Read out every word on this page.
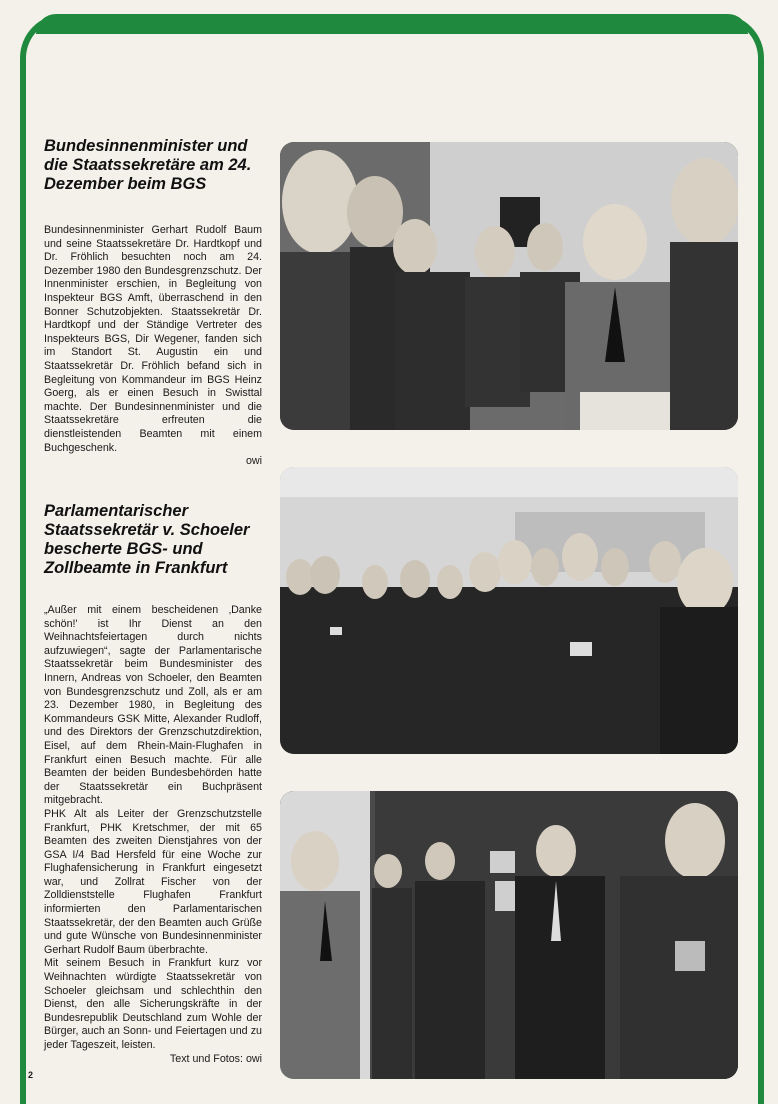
Bundesinnenminister und die Staatssekretäre am 24. Dezember beim BGS

Bundesinnenminister Gerhart Rudolf Baum und seine Staatssekretäre Dr. Hardtkopf und Dr. Fröhlich besuchten noch am 24. Dezember 1980 den Bundesgrenzschutz. Der Innenminister erschien, in Begleitung von Inspekteur BGS Amft, überraschend in den Bonner Schutzobjekten. Staatssekretär Dr. Hardtkopf und der Ständige Vertreter des Inspekteurs BGS, Dir Wegener, fanden sich im Standort St. Augustin ein und Staatssekretär Dr. Fröhlich befand sich in Begleitung von Kommandeur im BGS Heinz Goerg, als er einen Besuch in Swisttal machte. Der Bundesinnenminister und die Staatssekretäre erfreuten die dienstleistenden Beamten mit einem Buchgeschenk.
owi

Parlamentarischer Staatssekretär v. Schoeler bescherte BGS- und Zollbeamte in Frankfurt

„Außer mit einem bescheidenen ‚Danke schön!' ist Ihr Dienst an den Weihnachtsfeiertagen durch nichts aufzuwiegen“, sagte der Parlamentarische Staatssekretär beim Bundesminister des Innern, Andreas von Schoeler, den Beamten von Bundesgrenzschutz und Zoll, als er am 23. Dezember 1980, in Begleitung des Kommandeurs GSK Mitte, Alexander Rudloff, und des Direktors der Grenzschutzdirektion, Eisel, auf dem Rhein-Main-Flughafen in Frankfurt einen Besuch machte. Für alle Beamten der beiden Bundesbehörden hatte der Staatssekretär ein Buchpräsent mitgebracht.

PHK Alt als Leiter der Grenzschutzstelle Frankfurt, PHK Kretschmer, der mit 65 Beamten des zweiten Dienstjahres von der GSA I/4 Bad Hersfeld für eine Woche zur Flughafensicherung in Frankfurt eingesetzt war, und Zollrat Fischer von der Zolldienststelle Flughafen Frankfurt informierten den Parlamentarischen Staatssekretär, der den Beamten auch Grüße und gute Wünsche von Bundesinnenminister Gerhart Rudolf Baum überbrachte.

Mit seinem Besuch in Frankfurt kurz vor Weihnachten würdigte Staatssekretär von Schoeler gleichsam und schlechthin den Dienst, den alle Sicherungskräfte in der Bundesrepublik Deutschland zum Wohle der Bürger, auch an Sonn- und Feiertagen und zu jeder Tageszeit, leisten.

Text und Fotos: owi
2
